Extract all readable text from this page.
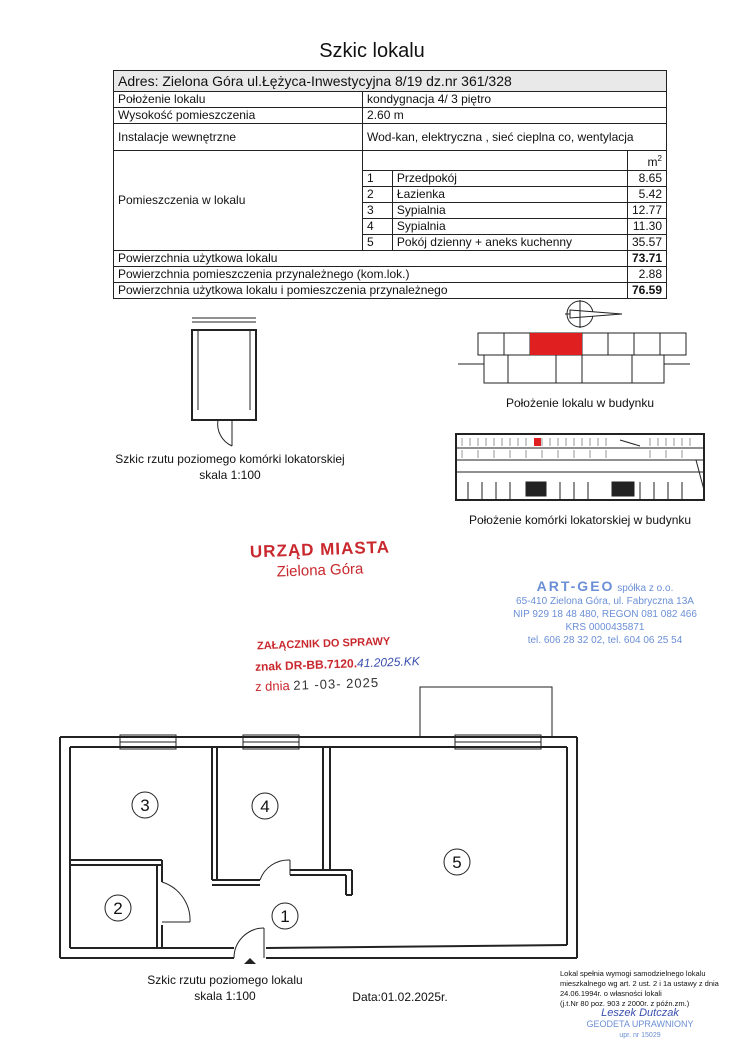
Szkic lokalu
Adres: Zielona Góra ul.Łężyca-Inwestycyjna 8/19 dz.nr 361/328			
Położenie lokalu	kondygnacja 4/ 3 piętro		
Wysokość pomieszczenia	2.60 m		
Instalacje wewnętrzne	Wod-kan, elektryczna , sieć cieplna co, wentylacja		
Pomieszczenia w lokalu			$m^2$
	1	Przedpokój	8.65
	2	Łazienka	5.42
	3	Sypialnia	12.77
	4	Sypialnia	11.30
	5	Pokój dzienny + aneks kuchenny	35.57
Powierzchnia użytkowa lokalu			73.71
Powierzchnia pomieszczenia przynależnego (kom.lok.)			2.88
Powierzchnia użytkowa lokalu i pomieszczenia przynależnego			76.59
3	4
5
2	1
Położenie lokalu w budynku
Szkic rzutu poziomego komórki lokatorskiej
skala 1:100
Położenie komórki lokatorskiej w budynku
Szkic rzutu poziomego lokalu
skala 1:100	Data:01.02.2025r.
URZĄD MIASTA
Zielona Góra
ZAŁĄCZNIK DO SPRAWY
znak DR-BB.7120.41.2025.KK
z dnia 21 -03- 2025
ART-GEO spółka z o.o.
65-410 Zielona Góra, ul. Fabryczna 13A
NIP 929 18 48 480, REGON 081 082 466
KRS 0000435871
tel. 606 28 32 02, tel. 604 06 25 54
Lokal spełnia wymogi samodzielnego lokalu
mieszkalnego wg art. 2 ust. 2 i 1a ustawy z dnia
24.06.1994r. o własności lokali
(j.t.Nr 80 poz. 903 z 2000r. z późn.zm.)
Leszek Dutczak
GEODETA UPRAWNIONY
upr. nr 15029
